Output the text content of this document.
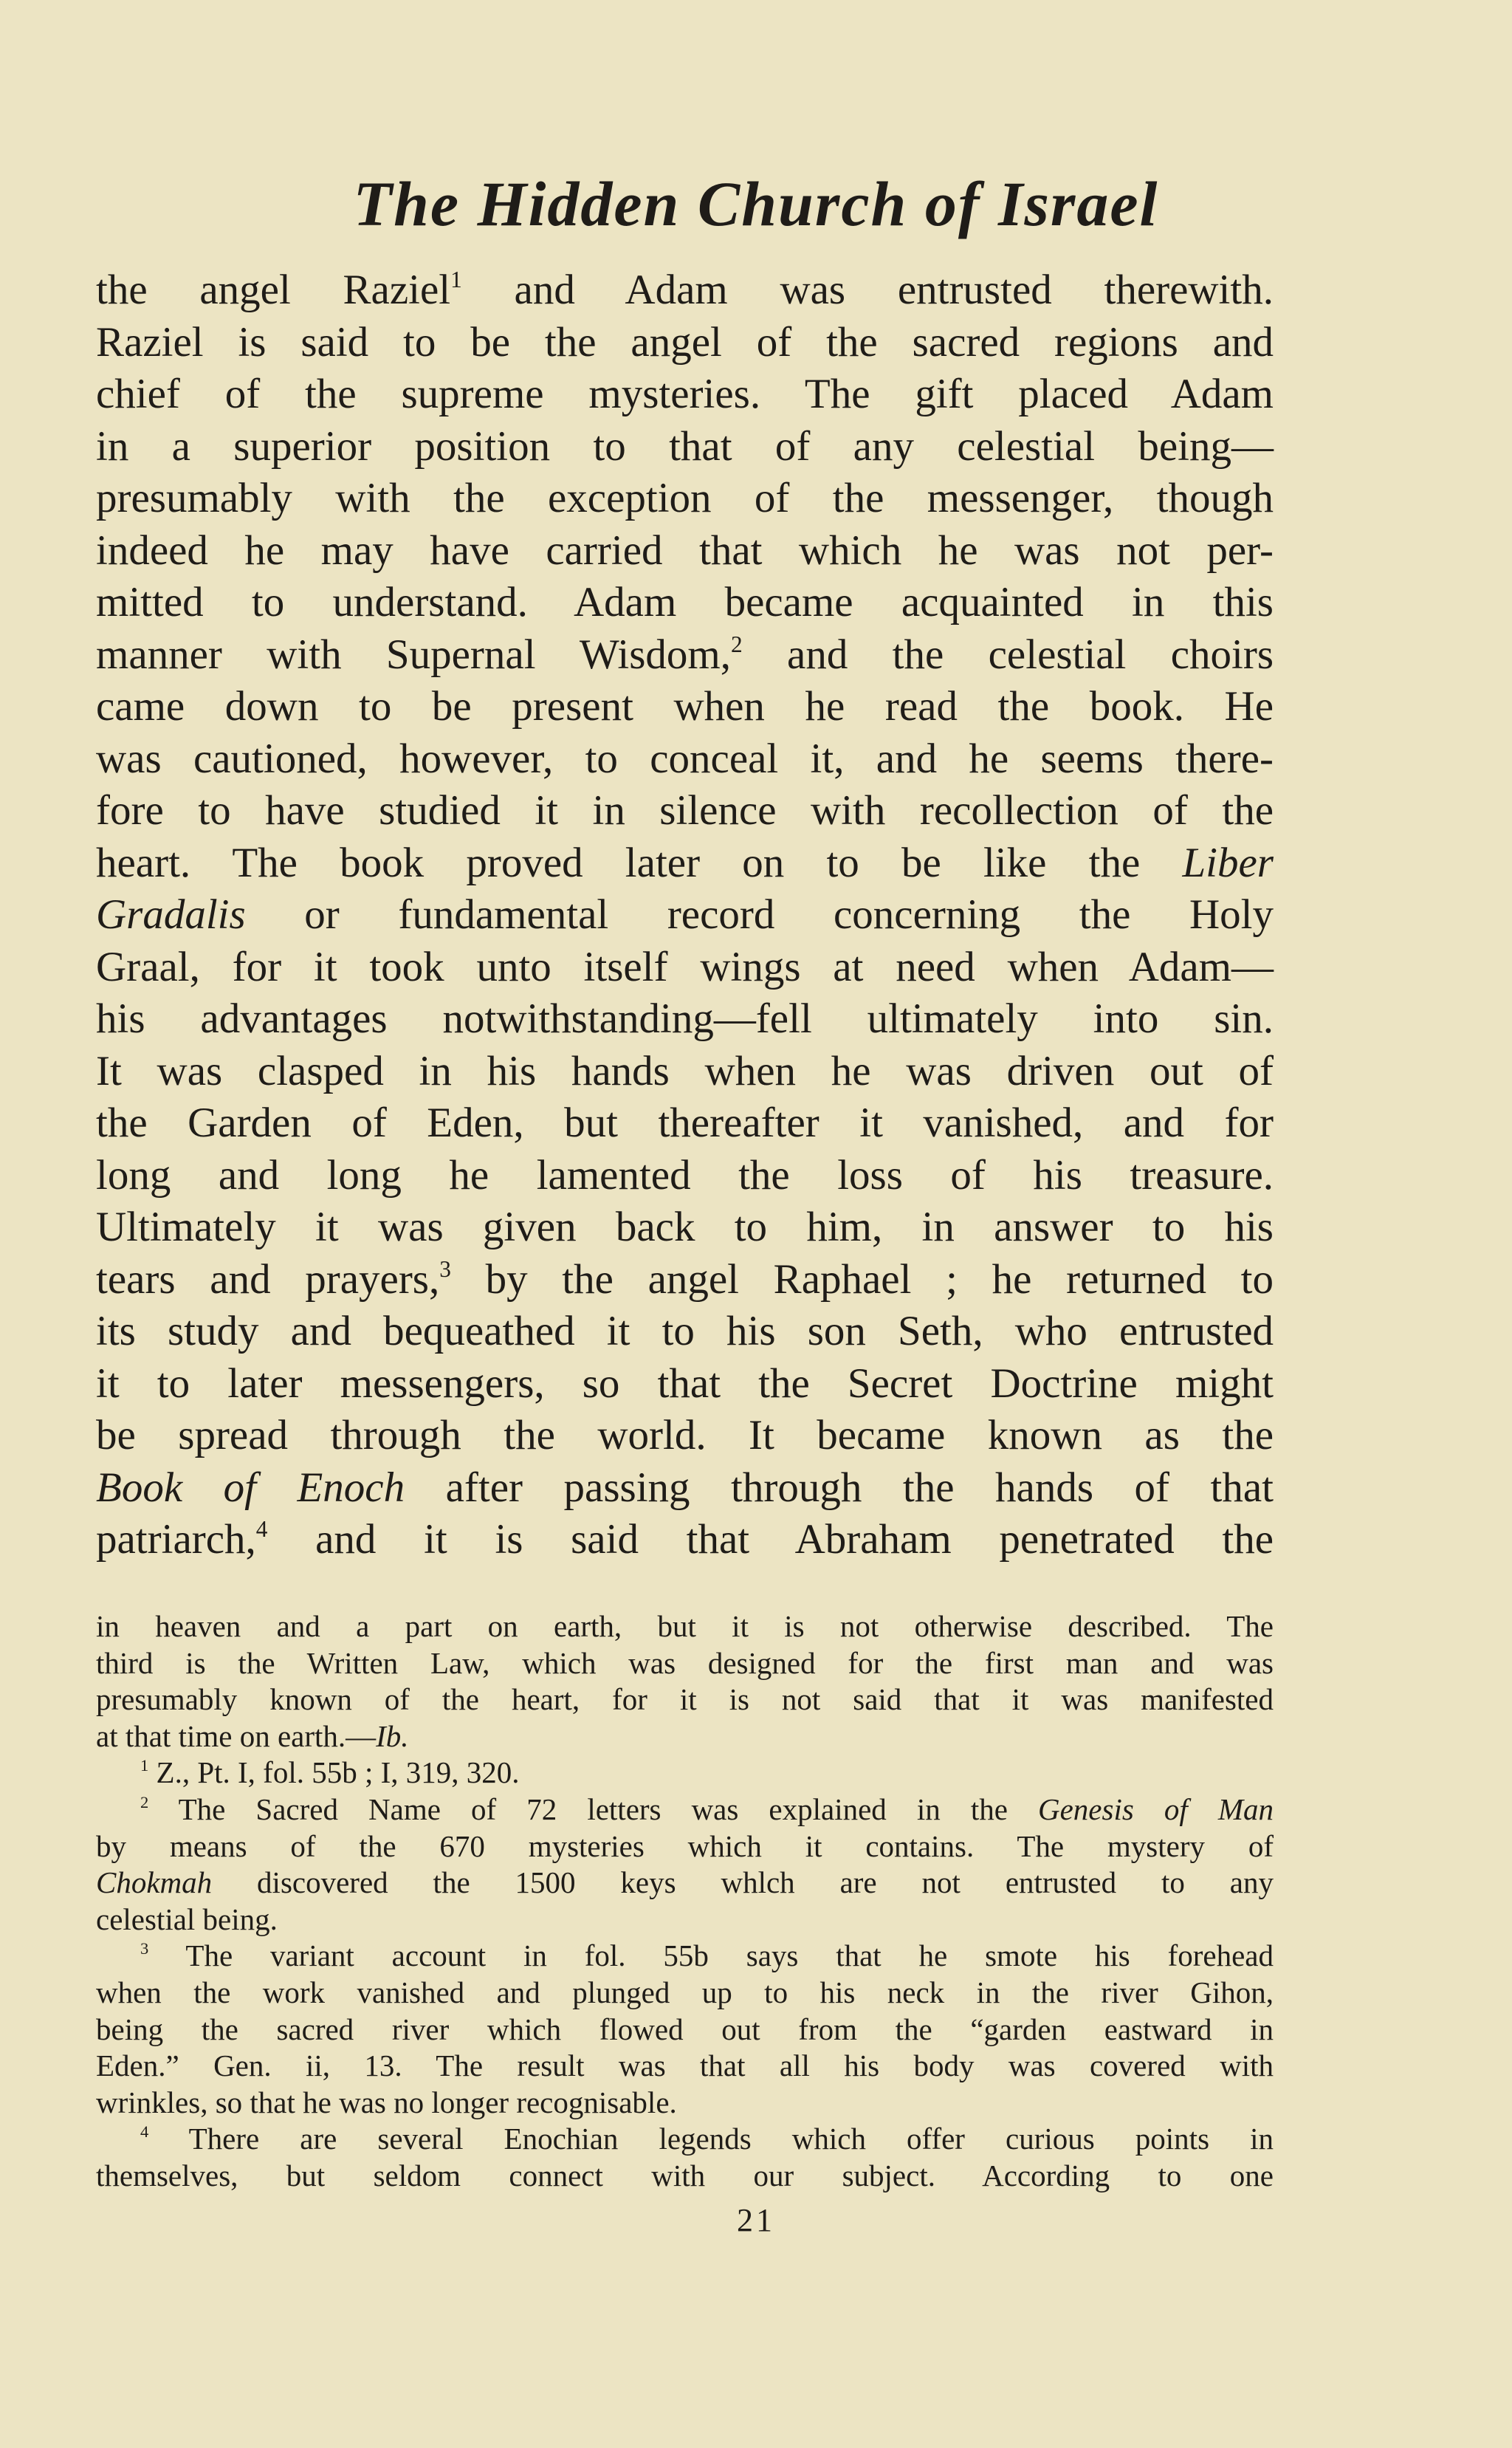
The Hidden Church of Israel
the angel Raziel$^1$ and Adam was entrusted therewith.
Raziel is said to be the angel of the sacred regions and
chief of the supreme mysteries. The gift placed Adam
in a superior position to that of any celestial being—
presumably with the exception of the messenger, though
indeed he may have carried that which he was not per-
mitted to understand. Adam became acquainted in this
manner with Supernal Wisdom,$^2$ and the celestial choirs
came down to be present when he read the book. He
was cautioned, however, to conceal it, and he seems there-
fore to have studied it in silence with recollection of the
heart. The book proved later on to be like the Liber
Gradalis or fundamental record concerning the Holy
Graal, for it took unto itself wings at need when Adam—
his advantages notwithstanding—fell ultimately into sin.
It was clasped in his hands when he was driven out of
the Garden of Eden, but thereafter it vanished, and for
long and long he lamented the loss of his treasure.
Ultimately it was given back to him, in answer to his
tears and prayers,$^3$ by the angel Raphael ; he returned to
its study and bequeathed it to his son Seth, who entrusted
it to later messengers, so that the Secret Doctrine might
be spread through the world. It became known as the
Book of Enoch after passing through the hands of that
patriarch,$^4$ and it is said that Abraham penetrated the
in heaven and a part on earth, but it is not otherwise described. The
third is the Written Law, which was designed for the first man and was
presumably known of the heart, for it is not said that it was manifested
at that time on earth.—Ib.
$^1$ Z., Pt. I, fol. 55b ; I, 319, 320.
$^2$ The Sacred Name of 72 letters was explained in the Genesis of Man
by means of the 670 mysteries which it contains. The mystery of
Chokmah discovered the 1500 keys whlch are not entrusted to any
celestial being.
$^3$ The variant account in fol. 55b says that he smote his forehead
when the work vanished and plunged up to his neck in the river Gihon,
being the sacred river which flowed out from the “garden eastward in
Eden.” Gen. ii, 13. The result was that all his body was covered with
wrinkles, so that he was no longer recognisable.
$^4$ There are several Enochian legends which offer curious points in
themselves, but seldom connect with our subject. According to one
21
